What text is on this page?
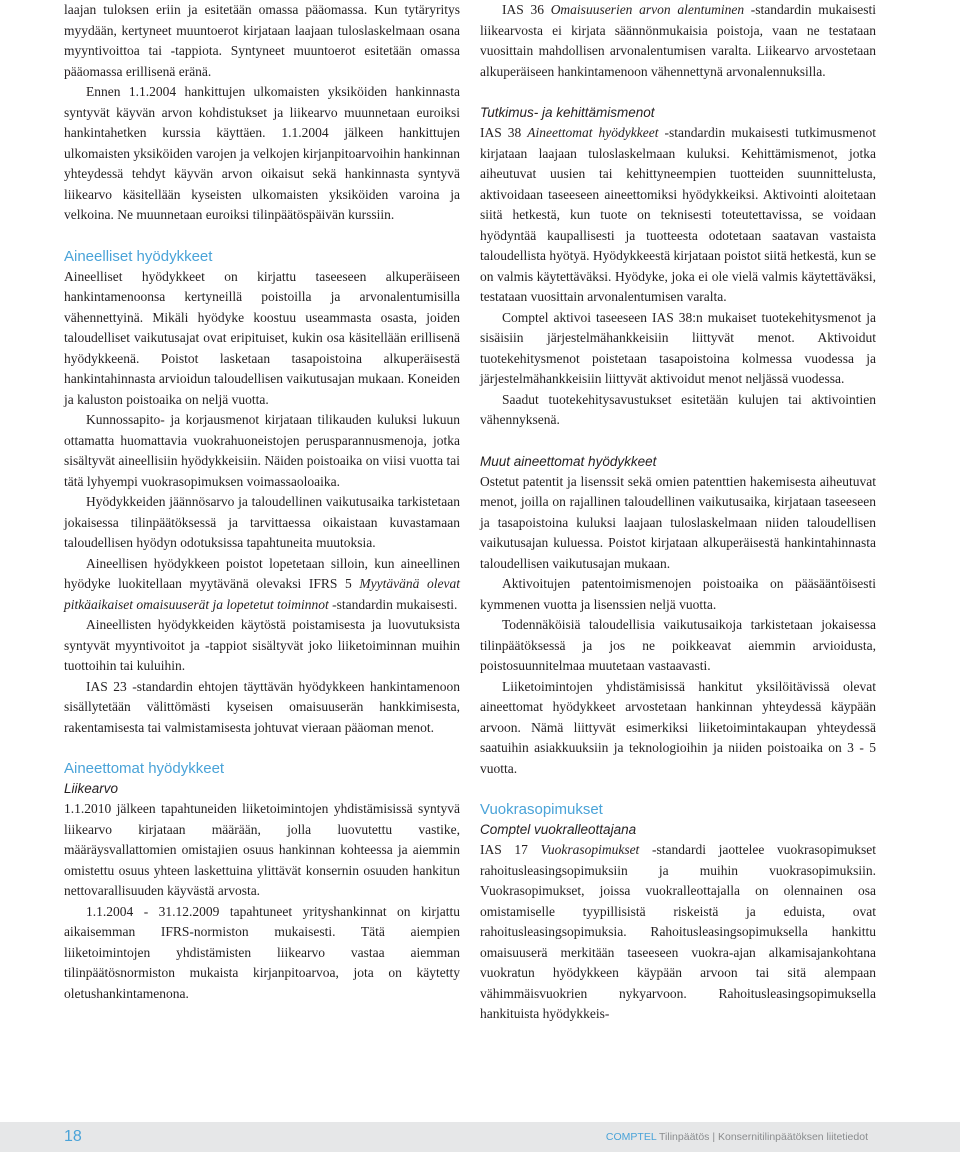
laajan tuloksen eriin ja esitetään omassa pääomassa. Kun tytäryritys myydään, kertyneet muuntoerot kirjataan laajaan tuloslaskelmaan osana myyntivoittoa tai -tappiota. Syntyneet muuntoerot esitetään omassa pääomassa erillisenä eränä.

Ennen 1.1.2004 hankittujen ulkomaisten yksiköiden hankinnasta syntyvät käyvän arvon kohdistukset ja liikearvo muunnetaan euroiksi hankintahetken kurssia käyttäen. 1.1.2004 jälkeen hankittujen ulkomaisten yksiköiden varojen ja velkojen kirjanpitoarvoihin hankinnan yhteydessä tehdyt käyvän arvon oikaisut sekä hankinnasta syntyvä liikearvo käsitellään kyseisten ulkomaisten yksiköiden varoina ja velkoina. Ne muunnetaan euroiksi tilinpäätöspäivän kurssiin.

Aineelliset hyödykkeet

Aineelliset hyödykkeet on kirjattu taseeseen alkuperäiseen hankintamenoonsa kertyneillä poistoilla ja arvonalentumisilla vähennettyinä. Mikäli hyödyke koostuu useammasta osasta, joiden taloudelliset vaikutusajat ovat eripituiset, kukin osa käsitellään erillisenä hyödykkeenä. Poistot lasketaan tasapoistoina alkuperäisestä hankintahinnasta arvioidun taloudellisen vaikutusajan mukaan. Koneiden ja kaluston poistoaika on neljä vuotta.

Kunnossapito- ja korjausmenot kirjataan tilikauden kuluksi lukuun ottamatta huomattavia vuokrahuoneistojen perusparannusmenoja, jotka sisältyvät aineellisiin hyödykkeisiin. Näiden poistoaika on viisi vuotta tai tätä lyhyempi vuokrasopimuksen voimassaoloaika.

Hyödykkeiden jäännösarvo ja taloudellinen vaikutusaika tarkistetaan jokaisessa tilinpäätöksessä ja tarvittaessa oikaistaan kuvastamaan taloudellisen hyödyn odotuksissa tapahtuneita muutoksia.

Aineellisen hyödykkeen poistot lopetetaan silloin, kun aineellinen hyödyke luokitellaan myytävänä olevaksi IFRS 5 Myytävänä olevat pitkäaikaiset omaisuuserät ja lopetetut toiminnot -standardin mukaisesti.

Aineellisten hyödykkeiden käytöstä poistamisesta ja luovutuksista syntyvät myyntivoitot ja -tappiot sisältyvät joko liiketoiminnan muihin tuottoihin tai kuluihin.

IAS 23 -standardin ehtojen täyttävän hyödykkeen hankintamenoon sisällytetään välittömästi kyseisen omaisuuserän hankkimisesta, rakentamisesta tai valmistamisesta johtuvat vieraan pääoman menot.

Aineettomat hyödykkeet
Liikearvo

1.1.2010 jälkeen tapahtuneiden liiketoimintojen yhdistämisissä syntyvä liikearvo kirjataan määrään, jolla luovutettu vastike, määräysvallattomien omistajien osuus hankinnan kohteessa ja aiemmin omistettu osuus yhteen laskettuina ylittävät konsernin osuuden hankitun nettovarallisuuden käyvästä arvosta.

1.1.2004 - 31.12.2009 tapahtuneet yrityshankinnat on kirjattu aikaisemman IFRS-normiston mukaisesti. Tätä aiempien liiketoimintojen yhdistämisten liikearvo vastaa aiemman tilinpäätösnormiston mukaista kirjanpitoarvoa, jota on käytetty oletushankintamenona.

IAS 36 Omaisuuserien arvon alentuminen -standardin mukaisesti liikearvosta ei kirjata säännönmukaisia poistoja, vaan ne testataan vuosittain mahdollisen arvonalentumisen varalta. Liikearvo arvostetaan alkuperäiseen hankintamenoon vähennettynä arvonalennuksilla.

Tutkimus- ja kehittämismenot

IAS 38 Aineettomat hyödykkeet -standardin mukaisesti tutkimusmenot kirjataan laajaan tuloslaskelmaan kuluksi. Kehittämismenot, jotka aiheutuvat uusien tai kehittyneempien tuotteiden suunnittelusta, aktivoidaan taseeseen aineettomiksi hyödykkeiksi. Aktivointi aloitetaan siitä hetkestä, kun tuote on teknisesti toteutettavissa, se voidaan hyödyntää kaupallisesti ja tuotteesta odotetaan saatavan vastaista taloudellista hyötyä. Hyödykkeestä kirjataan poistot siitä hetkestä, kun se on valmis käytettäväksi. Hyödyke, joka ei ole vielä valmis käytettäväksi, testataan vuosittain arvonalentumisen varalta.

Comptel aktivoi taseeseen IAS 38:n mukaiset tuotekehitysmenot ja sisäisiin järjestelmähankkeisiin liittyvät menot. Aktivoidut tuotekehitysmenot poistetaan tasapoistoina kolmessa vuodessa ja järjestelmähankkeisiin liittyvät aktivoidut menot neljässä vuodessa.

Saadut tuotekehitysavustukset esitetään kulujen tai aktivointien vähennyksenä.

Muut aineettomat hyödykkeet

Ostetut patentit ja lisenssit sekä omien patenttien hakemisesta aiheutuvat menot, joilla on rajallinen taloudellinen vaikutusaika, kirjataan taseeseen ja tasapoistoina kuluksi laajaan tuloslaskelmaan niiden taloudellisen vaikutusajan kuluessa. Poistot kirjataan alkuperäisestä hankintahinnasta taloudellisen vaikutusajan mukaan.

Aktivoitujen patentoimismenojen poistoaika on pääsääntöisesti kymmenen vuotta ja lisenssien neljä vuotta.

Todennäköisiä taloudellisia vaikutusaikoja tarkistetaan jokaisessa tilinpäätöksessä ja jos ne poikkeavat aiemmin arvioidusta, poistosuunnitelmaa muutetaan vastaavasti.

Liiketoimintojen yhdistämisissä hankitut yksilöitävissä olevat aineettomat hyödykkeet arvostetaan hankinnan yhteydessä käypään arvoon. Nämä liittyvät esimerkiksi liiketoimintakaupan yhteydessä saatuihin asiakkuuksiin ja teknologioihin ja niiden poistoaika on 3 - 5 vuotta.

Vuokrasopimukset
Comptel vuokralleottajana

IAS 17 Vuokrasopimukset -standardi jaottelee vuokrasopimukset rahoitusleasingsopimuksiin ja muihin vuokrasopimuksiin. Vuokrasopimukset, joissa vuokralleottajalla on olennainen osa omistamiselle tyypillisistä riskeistä ja eduista, ovat rahoitusleasingsopimuksia. Rahoitusleasingsopimuksella hankittu omaisuuserä merkitään taseeseen vuokra-ajan alkamisajankohtana vuokratun hyödykkeen käypään arvoon tai sitä alempaan vähimmäisvuokrien nykyarvoon. Rahoitusleasingsopimuksella hankituista hyödykkeis-

18	COMPTEL Tilinpäätös | Konsernitilinpäätöksen liitetiedot
